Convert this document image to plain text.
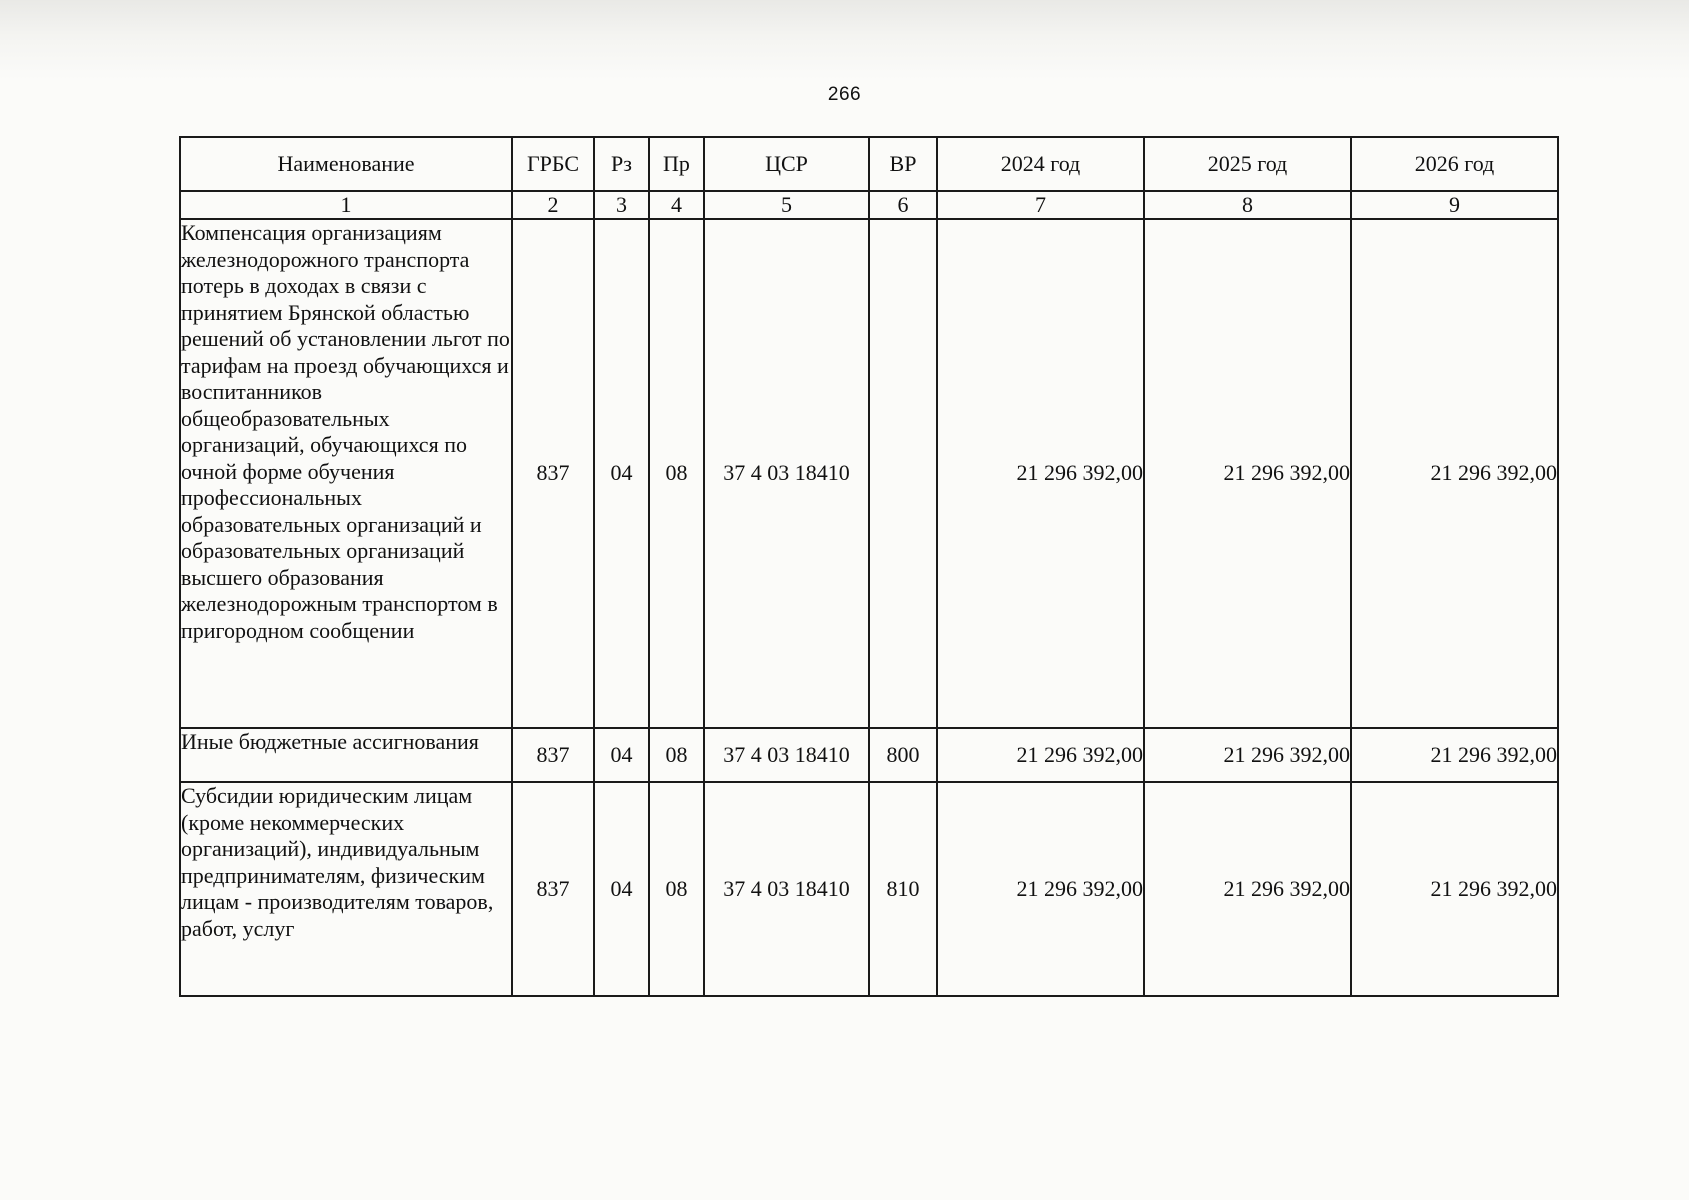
266
Наименование	ГРБС	Рз	Пр	ЦСР	ВР	2024 год	2025 год	2026 год
1	2	3	4	5	6	7	8	9
Компенсация организациям железнодорожного транспорта потерь в доходах в связи с принятием Брянской областью решений об установлении льгот по тарифам на проезд обучающихся и воспитанников общеобразовательных организаций, обучающихся по очной форме обучения профессиональных образовательных организаций и образовательных организаций высшего образования железнодорожным транспортом в пригородном сообщении	837	04	08	37 4 03 18410		21 296 392,00	21 296 392,00	21 296 392,00
Иные бюджетные ассигнования	837	04	08	37 4 03 18410	800	21 296 392,00	21 296 392,00	21 296 392,00
Субсидии юридическим лицам (кроме некоммерческих организаций), индивидуальным предпринимателям, физическим лицам - производителям товаров, работ, услуг	837	04	08	37 4 03 18410	810	21 296 392,00	21 296 392,00	21 296 392,00
